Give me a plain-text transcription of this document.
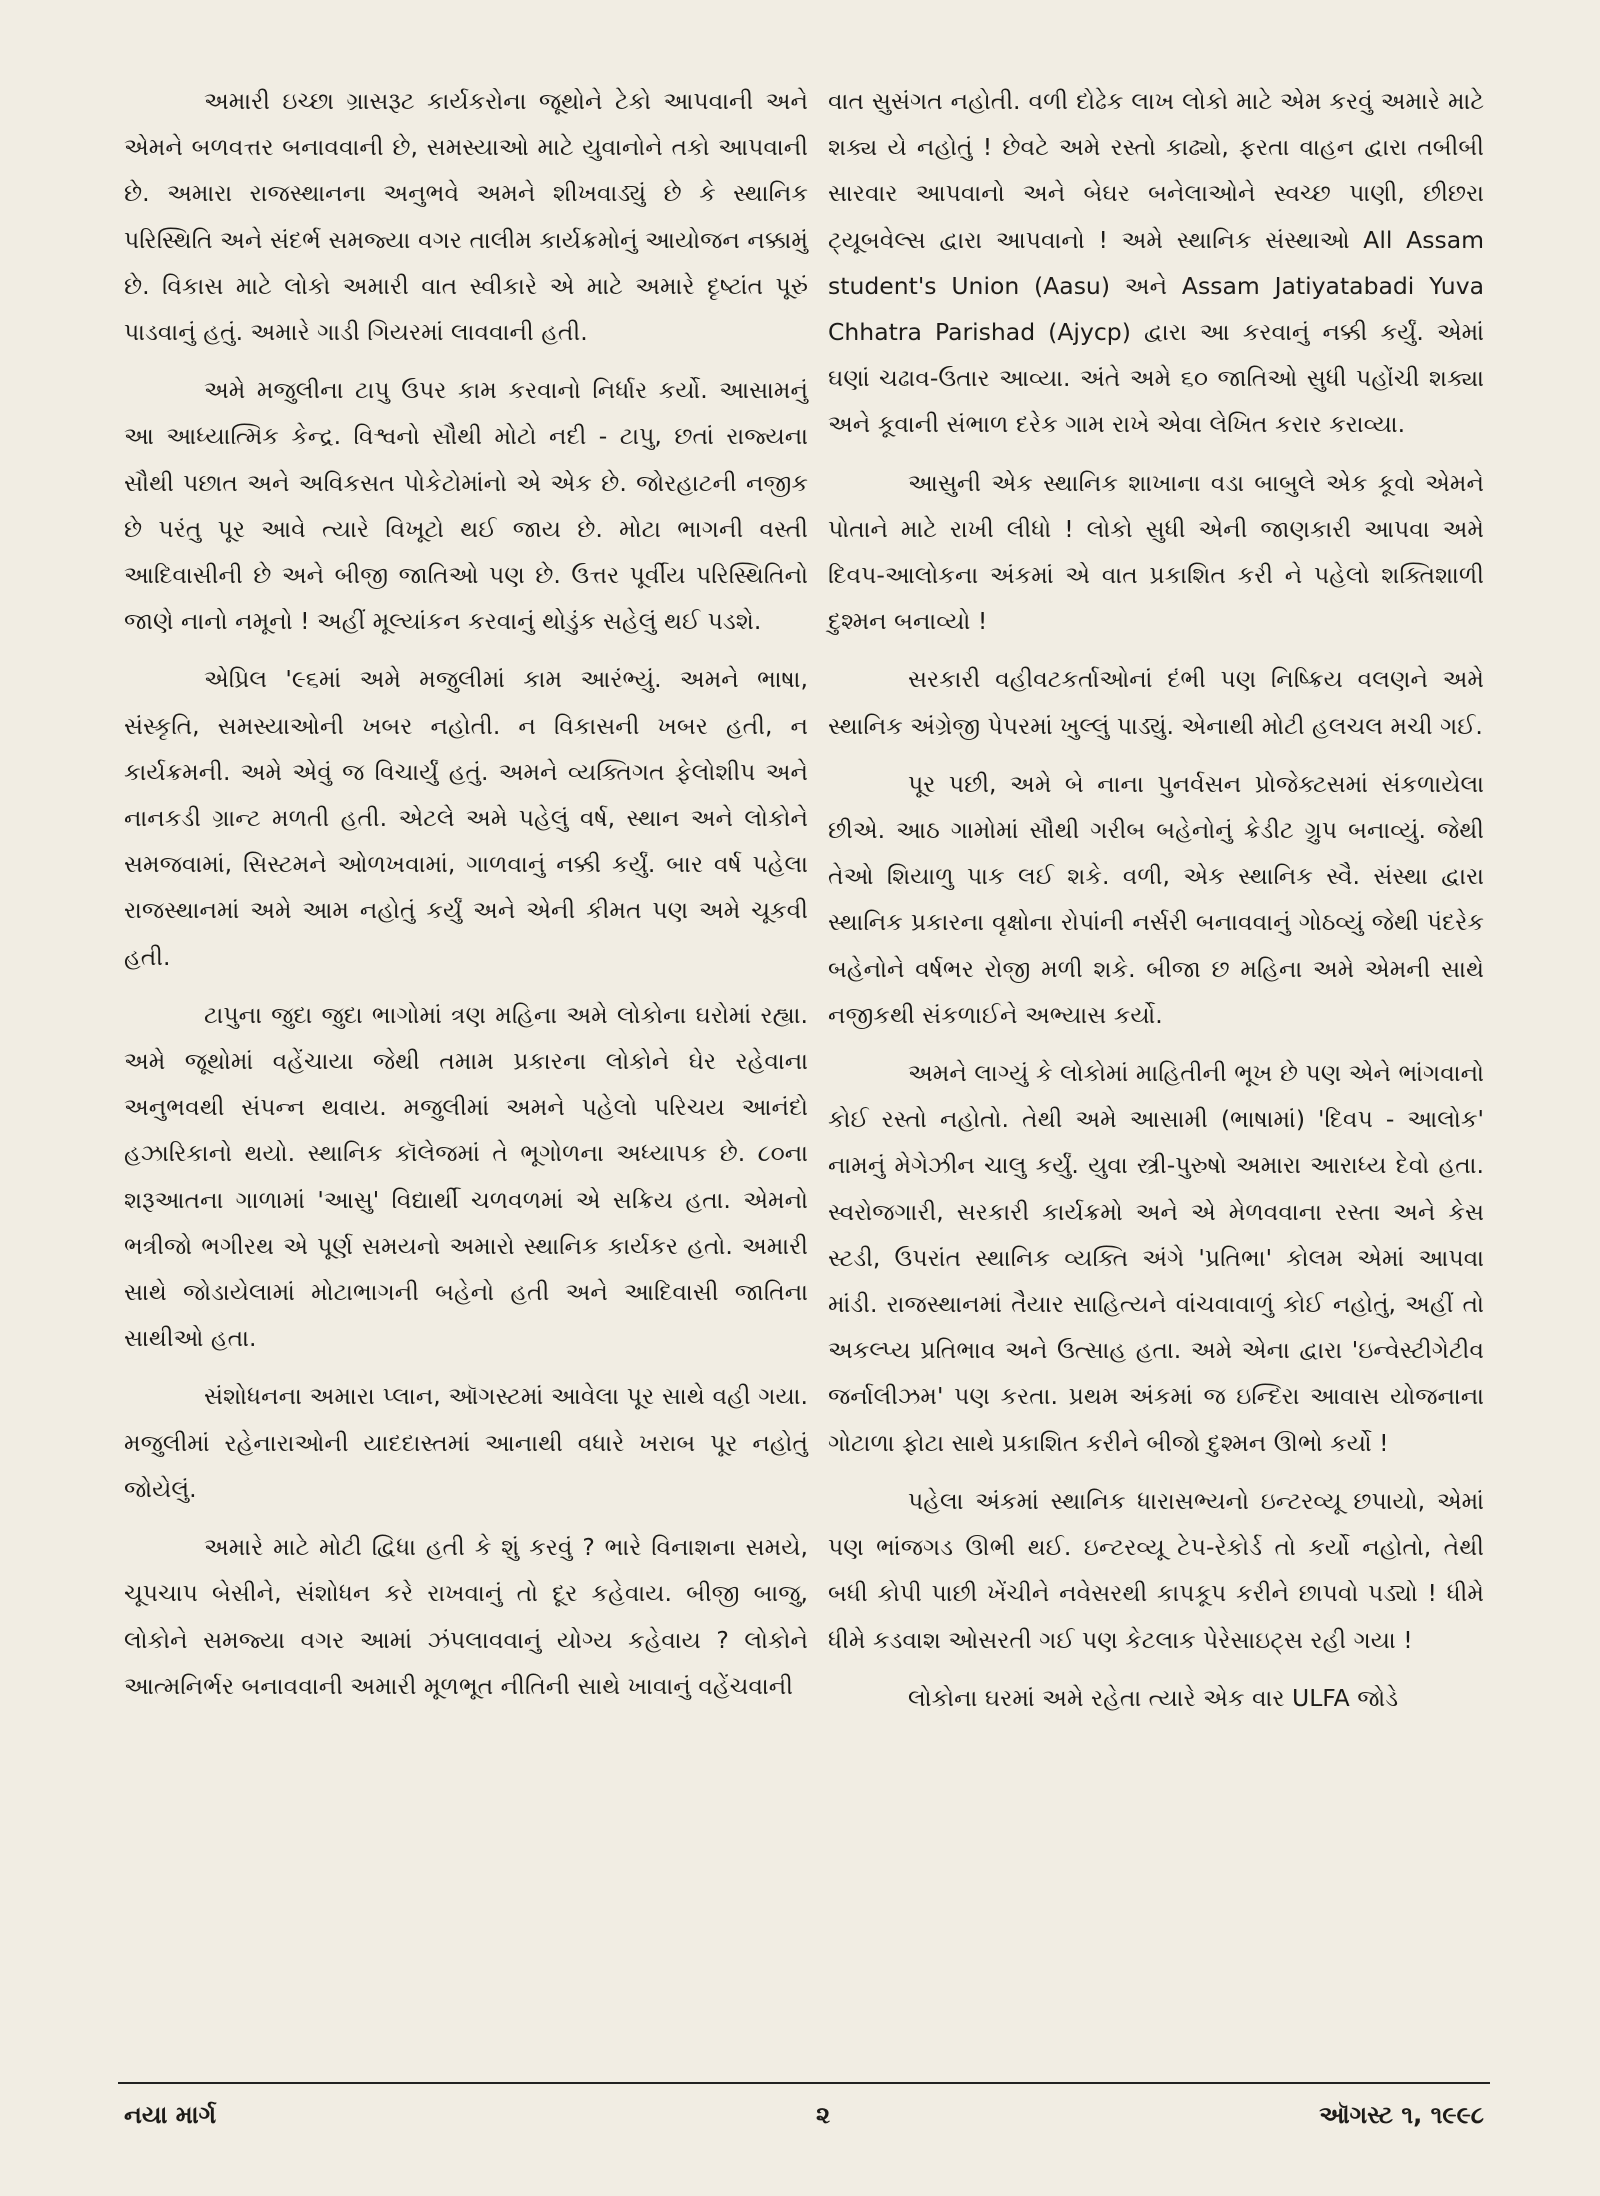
અમારી ઇચ્છા ગ્રાસરૂટ કાર્યકરોના જૂથોને ટેકો આપવાની અને એમને બળવત્તર બનાવવાની છે, સમસ્યાઓ માટે યુવાનોને તકો આપવાની છે. અમારા રાજસ્થાનના અનુભવે અમને શીખવાડ્યું છે કે સ્થાનિક પરિસ્થિતિ અને સંદર્ભ સમજ્યા વગર તાલીમ કાર્યક્રમોનું આયોજન નક્કામું છે. વિકાસ માટે લોકો અમારી વાત સ્વીકારે એ માટે અમારે દૃષ્ટાંત પૂરું પાડવાનું હતું. અમારે ગાડી ગિયરમાં લાવવાની હતી.

અમે મજુલીના ટાપુ ઉપર કામ કરવાનો નિર્ધાર કર્યો. આસામનું આ આધ્યાત્મિક કેન્દ્ર. વિશ્વનો સૌથી મોટો નદી - ટાપુ, છતાં રાજ્યના સૌથી પછાત અને અવિકસત પોકેટોમાંનો એ એક છે. જોરહાટની નજીક છે પરંતુ પૂર આવે ત્યારે વિખૂટો થઈ જાય છે. મોટા ભાગની વસ્તી આદિવાસીની છે અને બીજી જાતિઓ પણ છે. ઉત્તર પૂર્વીય પરિસ્થિતિનો જાણે નાનો નમૂનો ! અહીં મૂલ્યાંકન કરવાનું થોડુંક સહેલું થઈ પડશે.

એપ્રિલ '૯૬માં અમે મજુલીમાં કામ આરંભ્યું. અમને ભાષા, સંસ્કૃતિ, સમસ્યાઓની ખબર નહોતી. ન વિકાસની ખબર હતી, ન કાર્યક્રમની. અમે એવું જ વિચાર્યું હતું. અમને વ્યક્તિગત ફેલોશીપ અને નાનકડી ગ્રાન્ટ મળતી હતી. એટલે અમે પહેલું વર્ષ, સ્થાન અને લોકોને સમજવામાં, સિસ્ટમને ઓળખવામાં, ગાળવાનું નક્કી કર્યું. બાર વર્ષ પહેલા રાજસ્થાનમાં અમે આમ નહોતું કર્યું અને એની કીમત પણ અમે ચૂકવી હતી.

ટાપુના જુદા જુદા ભાગોમાં ત્રણ મહિના અમે લોકોના ઘરોમાં રહ્યા. અમે જૂથોમાં વહેંચાયા જેથી તમામ પ્રકારના લોકોને ઘેર રહેવાના અનુભવથી સંપન્ન થવાય. મજુલીમાં અમને પહેલો પરિચય આનંદો હઝારિકાનો થયો. સ્થાનિક કૉલેજમાં તે ભૂગોળના અધ્યાપક છે. ૮૦ના શરૂઆતના ગાળામાં 'આસુ' વિદ્યાર્થી ચળવળમાં એ સક્રિય હતા. એમનો ભત્રીજો ભગીરથ એ પૂર્ણ સમયનો અમારો સ્થાનિક કાર્યકર હતો. અમારી સાથે જોડાયેલામાં મોટાભાગની બહેનો હતી અને આદિવાસી જાતિના સાથીઓ હતા.

સંશોધનના અમારા પ્લાન, ઑગસ્ટમાં આવેલા પૂર સાથે વહી ગયા. મજુલીમાં રહેનારાઓની યાદદાસ્તમાં આનાથી વધારે ખરાબ પૂર નહોતું જોયેલું.

અમારે માટે મોટી દ્વિધા હતી કે શું કરવું ? ભારે વિનાશના સમયે, ચૂપચાપ બેસીને, સંશોધન કરે રાખવાનું તો દૂર કહેવાય. બીજી બાજુ, લોકોને સમજ્યા વગર આમાં ઝંપલાવવાનું યોગ્ય કહેવાય ? લોકોને આત્મનિર્ભર બનાવવાની અમારી મૂળભૂત નીતિની સાથે ખાવાનું વહેંચવાની

વાત સુસંગત નહોતી. વળી દોઢેક લાખ લોકો માટે એમ કરવું અમારે માટે શક્ય યે નહોતું ! છેવટે અમે રસ્તો કાઢ્યો, ફરતા વાહન દ્વારા તબીબી સારવાર આપવાનો અને બેઘર બનેલાઓને સ્વચ્છ પાણી, છીછરા ટ્યૂબવેલ્સ દ્વારા આપવાનો ! અમે સ્થાનિક સંસ્થાઓ All Assam student's Union (Aasu) અને Assam Jatiyatabadi Yuva Chhatra Parishad (Ajycp) દ્વારા આ કરવાનું નક્કી કર્યું. એમાં ઘણાં ચઢાવ-ઉતાર આવ્યા. અંતે અમે ૬૦ જાતિઓ સુધી પહોંચી શક્યા અને કૂવાની સંભાળ દરેક ગામ રાખે એવા લેખિત કરાર કરાવ્યા.

આસુની એક સ્થાનિક શાખાના વડા બાબુલે એક કૂવો એમને પોતાને માટે રાખી લીધો ! લોકો સુધી એની જાણકારી આપવા અમે દિવપ-આલોકના અંકમાં એ વાત પ્રકાશિત કરી ને પહેલો શક્તિશાળી દુશ્મન બનાવ્યો !

સરકારી વહીવટકર્તાઓનાં દંભી પણ નિષ્ક્રિય વલણને અમે સ્થાનિક અંગ્રેજી પેપરમાં ખુલ્લું પાડ્યું. એનાથી મોટી હલચલ મચી ગઈ.

પૂર પછી, અમે બે નાના પુનર્વસન પ્રોજેક્ટસમાં સંકળાયેલા છીએ. આઠ ગામોમાં સૌથી ગરીબ બહેનોનું ક્રેડીટ ગ્રુપ બનાવ્યું. જેથી તેઓ શિયાળુ પાક લઈ શકે. વળી, એક સ્થાનિક સ્વૈ. સંસ્થા દ્વારા સ્થાનિક પ્રકારના વૃક્ષોના રોપાંની નર્સરી બનાવવાનું ગોઠવ્યું જેથી પંદરેક બહેનોને વર્ષભર રોજી મળી શકે. બીજા છ મહિના અમે એમની સાથે નજીકથી સંકળાઈને અભ્યાસ કર્યો.

અમને લાગ્યું કે લોકોમાં માહિતીની ભૂખ છે પણ એને ભાંગવાનો કોઈ રસ્તો નહોતો. તેથી અમે આસામી (ભાષામાં) 'દિવપ - આલોક' નામનું મેગેઝીન ચાલુ કર્યું. યુવા સ્ત્રી-પુરુષો અમારા આરાધ્ય દેવો હતા. સ્વરોજગારી, સરકારી કાર્યક્રમો અને એ મેળવવાના રસ્તા અને કેસ સ્ટડી, ઉપરાંત સ્થાનિક વ્યક્તિ અંગે 'પ્રતિભા' કોલમ એમાં આપવા માંડી. રાજસ્થાનમાં તૈયાર સાહિત્યને વાંચવાવાળું કોઈ નહોતું, અહીં તો અકલ્પ્ય પ્રતિભાવ અને ઉત્સાહ હતા. અમે એના દ્વારા 'ઇન્વેસ્ટીગેટીવ જર્નાલીઝમ' પણ કરતા. પ્રથમ અંકમાં જ ઇન્દિરા આવાસ યોજનાના ગોટાળા ફોટા સાથે પ્રકાશિત કરીને બીજો દુશ્મન ઊભો કર્યો !

પહેલા અંકમાં સ્થાનિક ધારાસભ્યનો ઇન્ટરવ્યૂ છપાયો, એમાં પણ ભાંજગડ ઊભી થઈ. ઇન્ટરવ્યૂ ટેપ-રેકોર્ડ તો કર્યો નહોતો, તેથી બધી કોપી પાછી ખેંચીને નવેસરથી કાપકૂપ કરીને છાપવો પડ્યો ! ધીમે ધીમે કડવાશ ઓસરતી ગઈ પણ કેટલાક પેરેસાઇટ્સ રહી ગયા !

લોકોના ઘરમાં અમે રહેતા ત્યારે એક વાર ULFA જોડે

નયા માર્ગ	૨	ઑગસ્ટ ૧, ૧૯૯૮
